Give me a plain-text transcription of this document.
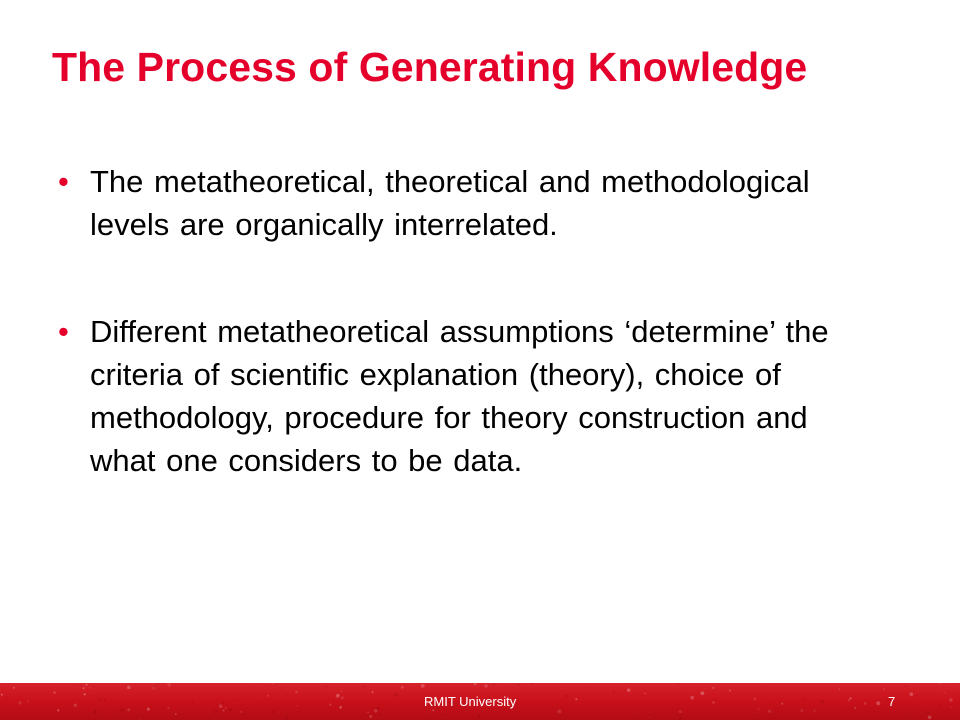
The Process of Generating Knowledge
• The metatheoretical, theoretical and methodological levels are organically interrelated.
• Different metatheoretical assumptions ‘determine’ the criteria of scientific explanation (theory), choice of methodology, procedure for theory construction and what one considers to be data.
RMIT University	7
